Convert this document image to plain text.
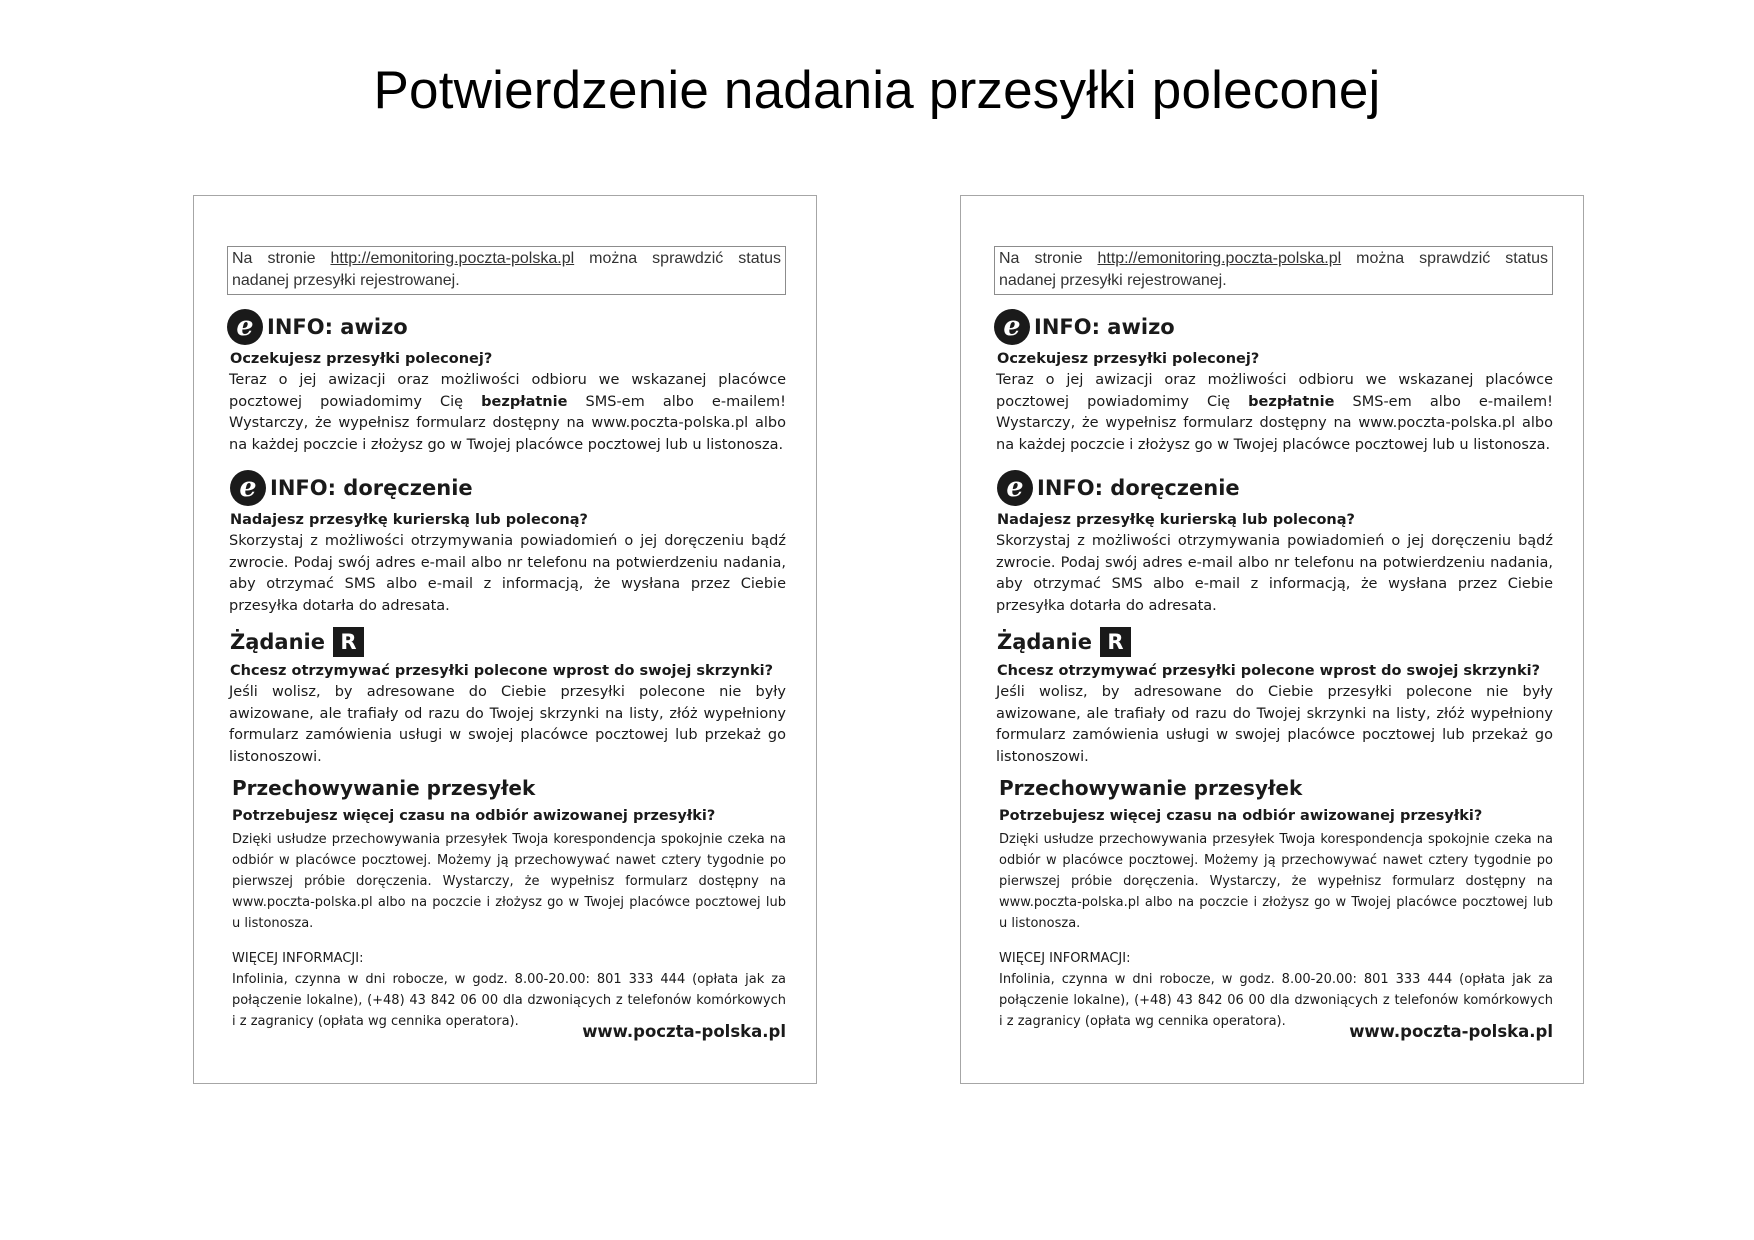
Potwierdzenie nadania przesyłki poleconej
Na stronie http://emonitoring.poczta-polska.pl można sprawdzić status nadanej przesyłki rejestrowanej.
e INFO: awizo
Oczekujesz przesyłki poleconej?

Teraz o jej awizacji oraz możliwości odbioru we wskazanej placówce pocztowej powiadomimy Cię bezpłatnie SMS-em albo e-mailem! Wystarczy, że wypełnisz formularz dostępny na www.poczta-polska.pl albo na każdej poczcie i złożysz go w Twojej placówce pocztowej lub u listonosza.

e INFO: doręczenie
Nadajesz przesyłkę kurierską lub poleconą?

Skorzystaj z możliwości otrzymywania powiadomień o jej doręczeniu bądź zwrocie. Podaj swój adres e-mail albo nr telefonu na potwierdzeniu nadania, aby otrzymać SMS albo e-mail z informacją, że wysłana przez Ciebie przesyłka dotarła do adresata.

Żądanie R
Chcesz otrzymywać przesyłki polecone wprost do swojej skrzynki?

Jeśli wolisz, by adresowane do Ciebie przesyłki polecone nie były awizowane, ale trafiały od razu do Twojej skrzynki na listy, złóż wypełniony formularz zamówienia usługi w swojej placówce pocztowej lub przekaż go listonoszowi.

Przechowywanie przesyłek
Potrzebujesz więcej czasu na odbiór awizowanej przesyłki?

Dzięki usłudze przechowywania przesyłek Twoja korespondencja spokojnie czeka na odbiór w placówce pocztowej. Możemy ją przechowywać nawet cztery tygodnie po pierwszej próbie doręczenia. Wystarczy, że wypełnisz formularz dostępny na www.poczta-polska.pl albo na poczcie i złożysz go w Twojej placówce pocztowej lub u listonosza.

WIĘCEJ INFORMACJI:

Infolinia, czynna w dni robocze, w godz. 8.00-20.00: 801 333 444 (opłata jak za połączenie lokalne), (+48) 43 842 06 00 dla dzwoniących z telefonów komórkowych i z zagranicy (opłata wg cennika operatora).

www.poczta-polska.pl
Na stronie http://emonitoring.poczta-polska.pl można sprawdzić status nadanej przesyłki rejestrowanej.
e INFO: awizo
Oczekujesz przesyłki poleconej?

Teraz o jej awizacji oraz możliwości odbioru we wskazanej placówce pocztowej powiadomimy Cię bezpłatnie SMS-em albo e-mailem! Wystarczy, że wypełnisz formularz dostępny na www.poczta-polska.pl albo na każdej poczcie i złożysz go w Twojej placówce pocztowej lub u listonosza.

e INFO: doręczenie
Nadajesz przesyłkę kurierską lub poleconą?

Skorzystaj z możliwości otrzymywania powiadomień o jej doręczeniu bądź zwrocie. Podaj swój adres e-mail albo nr telefonu na potwierdzeniu nadania, aby otrzymać SMS albo e-mail z informacją, że wysłana przez Ciebie przesyłka dotarła do adresata.

Żądanie R
Chcesz otrzymywać przesyłki polecone wprost do swojej skrzynki?

Jeśli wolisz, by adresowane do Ciebie przesyłki polecone nie były awizowane, ale trafiały od razu do Twojej skrzynki na listy, złóż wypełniony formularz zamówienia usługi w swojej placówce pocztowej lub przekaż go listonoszowi.

Przechowywanie przesyłek
Potrzebujesz więcej czasu na odbiór awizowanej przesyłki?

Dzięki usłudze przechowywania przesyłek Twoja korespondencja spokojnie czeka na odbiór w placówce pocztowej. Możemy ją przechowywać nawet cztery tygodnie po pierwszej próbie doręczenia. Wystarczy, że wypełnisz formularz dostępny na www.poczta-polska.pl albo na poczcie i złożysz go w Twojej placówce pocztowej lub u listonosza.

WIĘCEJ INFORMACJI:

Infolinia, czynna w dni robocze, w godz. 8.00-20.00: 801 333 444 (opłata jak za połączenie lokalne), (+48) 43 842 06 00 dla dzwoniących z telefonów komórkowych i z zagranicy (opłata wg cennika operatora).

www.poczta-polska.pl
